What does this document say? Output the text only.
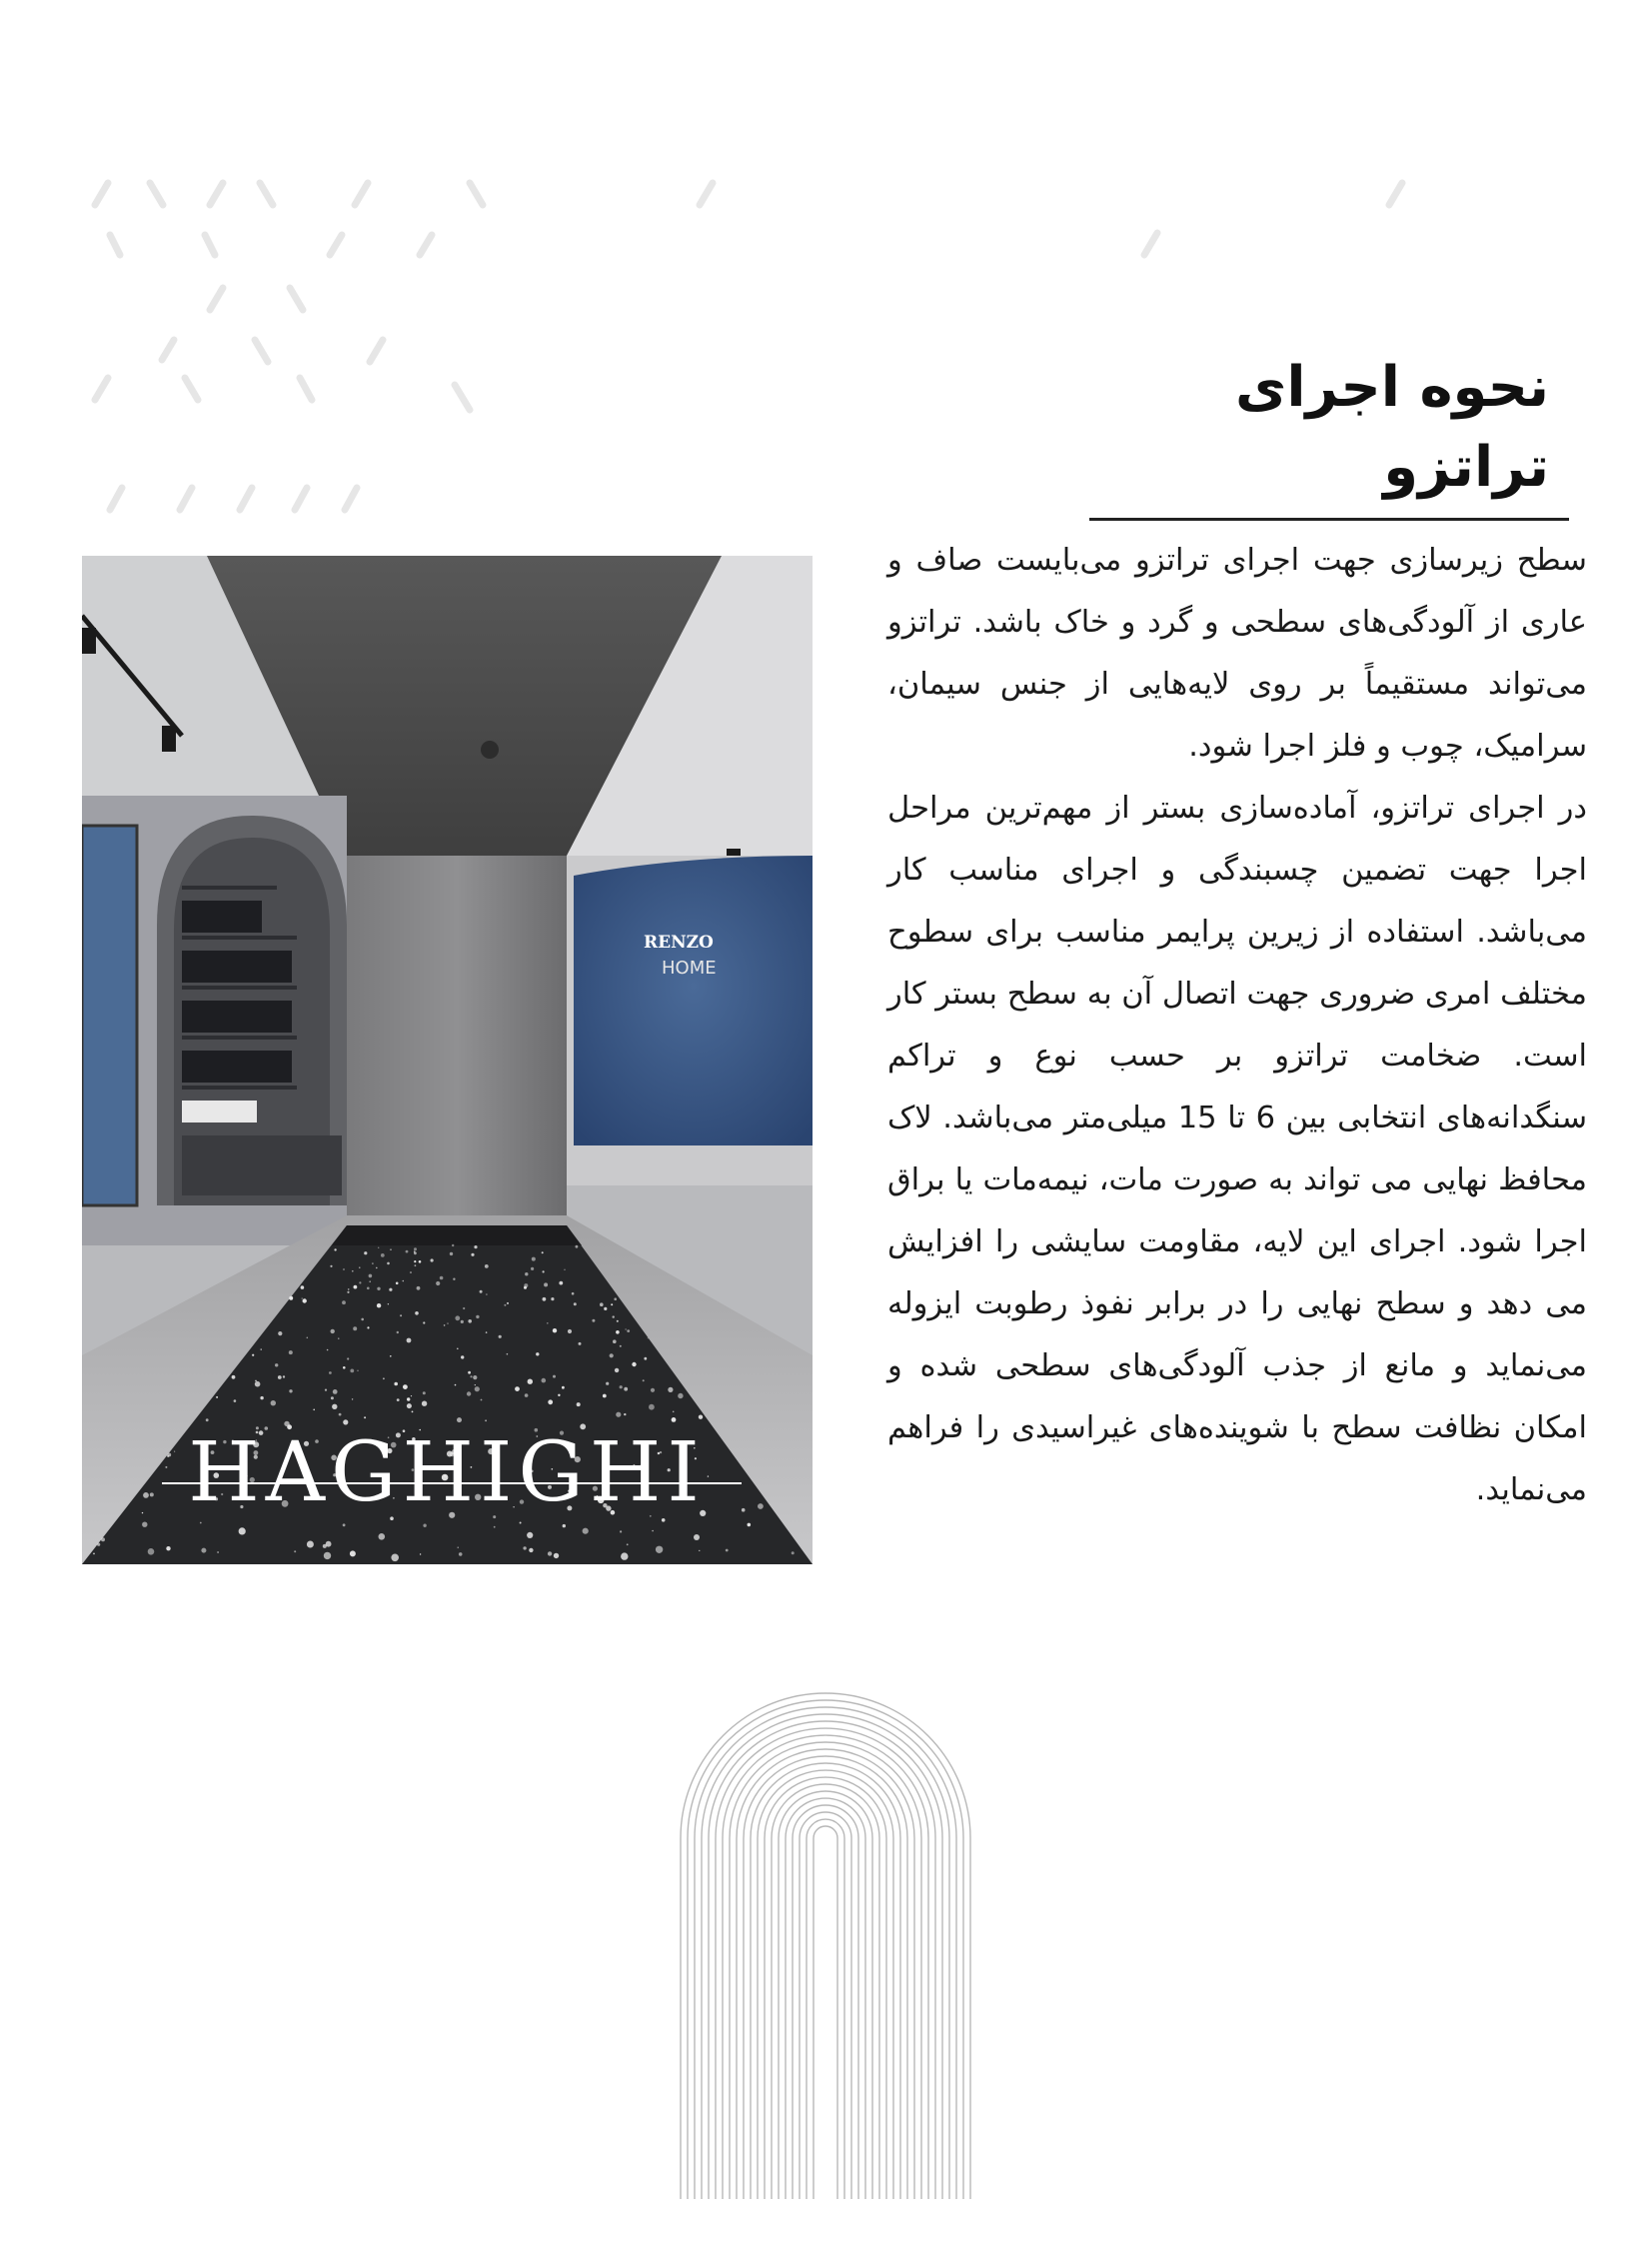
نحوه اجرای تراتزو

سطح زیرسازی جهت اجرای تراتزو می‌بایست صاف و عاری از آلودگی‌های سطحی و گرد و خاک باشد. تراتزو می‌تواند مستقیماً بر روی لایه‌هایی از جنس سیمان، سرامیک، چوب و فلز اجرا شود.

در اجرای تراتزو، آماده‌سازی بستر از مهم‌ترین مراحل اجرا جهت تضمین چسبندگی و اجرای مناسب کار می‌باشد. استفاده از زیرین پرایمر مناسب برای سطوح مختلف امری ضروری جهت اتصال آن به سطح بستر کار است. ضخامت تراتزو بر حسب نوع و تراکم سنگدانه‌های انتخابی بین 6 تا 15 میلی‌متر می‌باشد. لاک محافظ نهایی می تواند به صورت مات، نیمه‌مات یا براق اجرا شود. اجرای این لایه، مقاومت سایشی را افزایش می دهد و سطح نهایی را در برابر نفوذ رطوبت ایزوله می‌نماید و مانع از جذب آلودگی‌های سطحی شده و امکان نظافت سطح با شوینده‌های غیراسیدی را فراهم می‌نماید.

RENZO
HOME
HAGHIGHI
